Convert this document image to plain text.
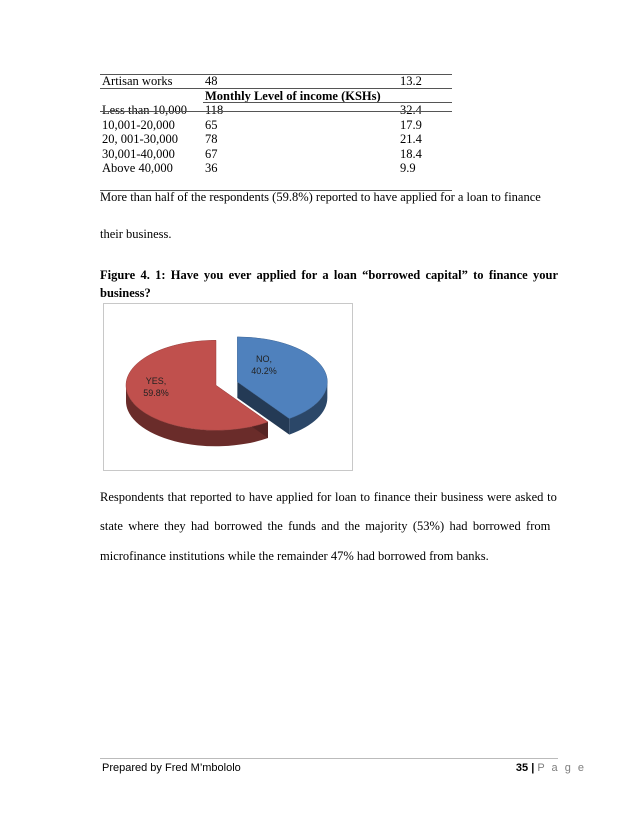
Artisan works	48	13.2
Monthly Level of income (KSHs)
Less than 10,000 118	32.4
10,001-20,000 65	17.9
20, 001-30,000 78	21.4
30,001-40,000 67	18.4
Above 40,000	36	9.9
More than half of the respondents (59.8%) reported to have applied for a loan to finance
their business.
Figure 4. 1: Have you ever applied for a loan “borrowed capital” to finance your business?
NO,
40.2%
YES,
59.8%
Respondents that reported to have applied for loan to finance their business were asked to
state where they had borrowed the funds and the majority (53%) had borrowed from
microfinance institutions while the remainder 47% had borrowed from banks.
Prepared by Fred M’mbololo	35 | P a g e
